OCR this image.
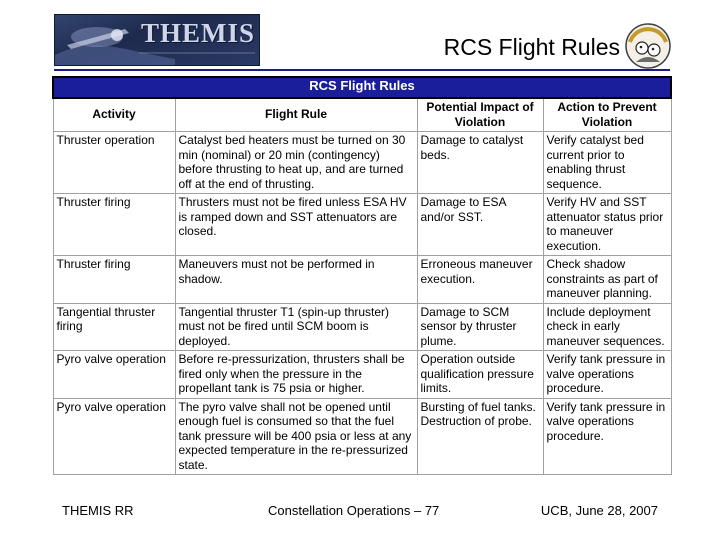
THEMIS	RCS Flight Rules
RCS Flight Rules			
Activity	Flight Rule	Potential Impact of Violation	Action to Prevent Violation
Thruster operation	Catalyst bed heaters must be turned on 30 min (nominal) or 20 min (contingency) before thrusting to heat up, and are turned off at the end of thrusting.	Damage to catalyst beds.	Verify catalyst bed current prior to enabling thrust sequence.
Thruster firing	Thrusters must not be fired unless ESA HV is ramped down and SST attenuators are closed.	Damage to ESA and/or SST.	Verify HV and SST attenuator status prior to maneuver execution.
Thruster firing	Maneuvers must not be performed in shadow.	Erroneous maneuver execution.	Check shadow constraints as part of maneuver planning.
Tangential thruster firing	Tangential thruster T1 (spin-up thruster) must not be fired until SCM boom is deployed.	Damage to SCM sensor by thruster plume.	Include deployment check in early maneuver sequences.
Pyro valve operation	Before re-pressurization, thrusters shall be fired only when the pressure in the propellant tank is 75 psia or higher.	Operation outside qualification pressure limits.	Verify tank pressure in valve operations procedure.
Pyro valve operation	The pyro valve shall not be opened until enough fuel is consumed so that the fuel tank pressure will be 400 psia or less at any expected temperature in the re-pressurized state.	Bursting of fuel tanks. Destruction of probe.	Verify tank pressure in valve operations procedure.
THEMIS RR	Constellation Operations – 77	UCB, June 28, 2007
